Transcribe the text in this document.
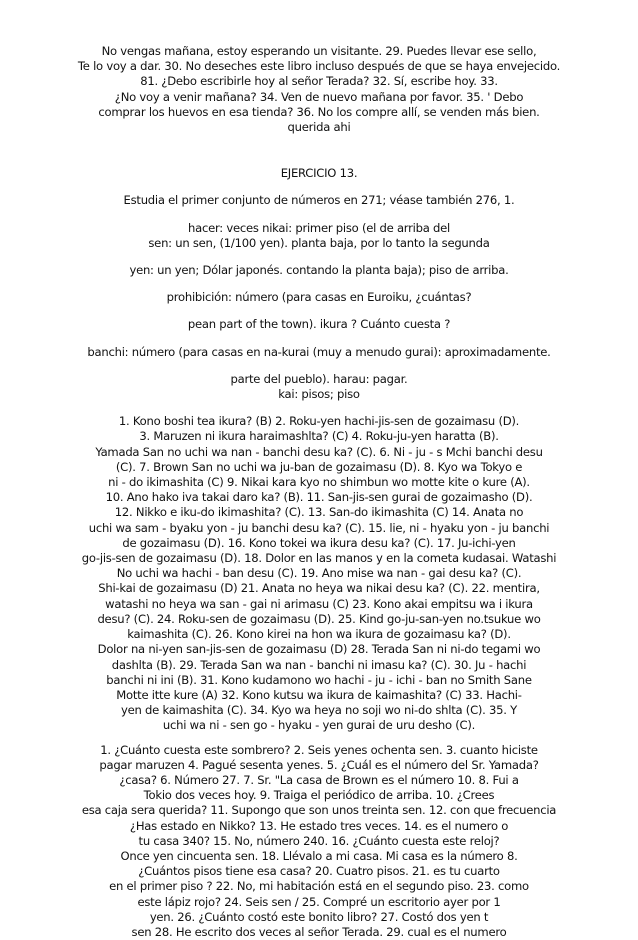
No vengas mañana, estoy esperando un visitante. 29. Puedes llevar ese sello,
Te lo voy a dar. 30. No deseches este libro incluso después de que se haya envejecido.
81. ¿Debo escribirle hoy al señor Terada? 32. Sí, escribe hoy. 33.
¿No voy a venir mañana? 34. Ven de nuevo mañana por favor. 35. ' Debo
comprar los huevos en esa tienda? 36. No los compre allí, se venden más bien.
querida ahi
EJERCICIO 13.
Estudia el primer conjunto de números en 271; véase también 276, 1.
hacer: veces nikai: primer piso (el de arriba del
sen: un sen, (1/100 yen). planta baja, por lo tanto la segunda
yen: un yen; Dólar japonés. contando la planta baja); piso de arriba.
prohibición: número (para casas en Euroiku, ¿cuántas?
pean part of the town). ikura ? Cuánto cuesta ?
banchi: número (para casas en na-kurai (muy a menudo gurai): aproximadamente.
parte del pueblo). harau: pagar.
kai: pisos; piso
1. Kono boshi tea ikura? (B) 2. Roku-yen hachi-jis-sen de gozaimasu (D).
3. Maruzen ni ikura haraimashlta? (C) 4. Roku-ju-yen haratta (B).
Yamada San no uchi wa nan - banchi desu ka? (C). 6. Ni - ju - s Mchi banchi desu
(C). 7. Brown San no uchi wa ju-ban de gozaimasu (D). 8. Kyo wa Tokyo e
ni - do ikimashita (C) 9. Nikai kara kyo no shimbun wo motte kite o kure (A).
10. Ano hako iva takai daro ka? (B). 11. San-jis-sen gurai de gozaimasho (D).
12. Nikko e iku-do ikimashita? (C). 13. San-do ikimashita (C) 14. Anata no
uchi wa sam - byaku yon - ju banchi desu ka? (C). 15. lie, ni - hyaku yon - ju banchi
de gozaimasu (D). 16. Kono tokei wa ikura desu ka? (C). 17. Ju-ichi-yen
go-jis-sen de gozaimasu (D). 18. Dolor en las manos y en la cometa kudasai. Watashi
No uchi wa hachi - ban desu (C). 19. Ano mise wa nan - gai desu ka? (C).
Shi-kai de gozaimasu (D) 21. Anata no heya wa nikai desu ka? (C). 22. mentira,
watashi no heya wa san - gai ni arimasu (C) 23. Kono akai empitsu wa i ikura
desu? (C). 24. Roku-sen de gozaimasu (D). 25. Kind go-ju-san-yen no.tsukue wo
kaimashita (C). 26. Kono kirei na hon wa ikura de gozaimasu ka? (D).
Dolor na ni-yen san-jis-sen de gozaimasu (D) 28. Terada San ni ni-do tegami wo
dashlta (B). 29. Terada San wa nan - banchi ni imasu ka? (C). 30. Ju - hachi
banchi ni ini (B). 31. Kono kudamono wo hachi - ju - ichi - ban no Smith Sane
Motte itte kure (A) 32. Kono kutsu wa ikura de kaimashita? (C) 33. Hachi-
yen de kaimashita (C). 34. Kyo wa heya no soji wo ni-do shlta (C). 35. Y
uchi wa ni - sen go - hyaku - yen gurai de uru desho (C).
1. ¿Cuánto cuesta este sombrero? 2. Seis yenes ochenta sen. 3. cuanto hiciste
pagar maruzen 4. Pagué sesenta yenes. 5. ¿Cuál es el número del Sr. Yamada?
¿casa? 6. Número 27. 7. Sr. "La casa de Brown es el número 10. 8. Fui a
Tokio dos veces hoy. 9. Traiga el periódico de arriba. 10. ¿Crees
esa caja sera querida? 11. Supongo que son unos treinta sen. 12. con que frecuencia
¿Has estado en Nikko? 13. He estado tres veces. 14. es el numero o
tu casa 340? 15. No, número 240. 16. ¿Cuánto cuesta este reloj?
Once yen cincuenta sen. 18. Llévalo a mi casa. Mi casa es la número 8.
¿Cuántos pisos tiene esa casa? 20. Cuatro pisos. 21. es tu cuarto
en el primer piso ? 22. No, mi habitación está en el segundo piso. 23. como
este lápiz rojo? 24. Seis sen / 25. Compré un escritorio ayer por 1
yen. 26. ¿Cuánto costó este bonito libro? 27. Costó dos yen t
sen 28. He escrito dos veces al señor Terada. 29. cual es el numero
